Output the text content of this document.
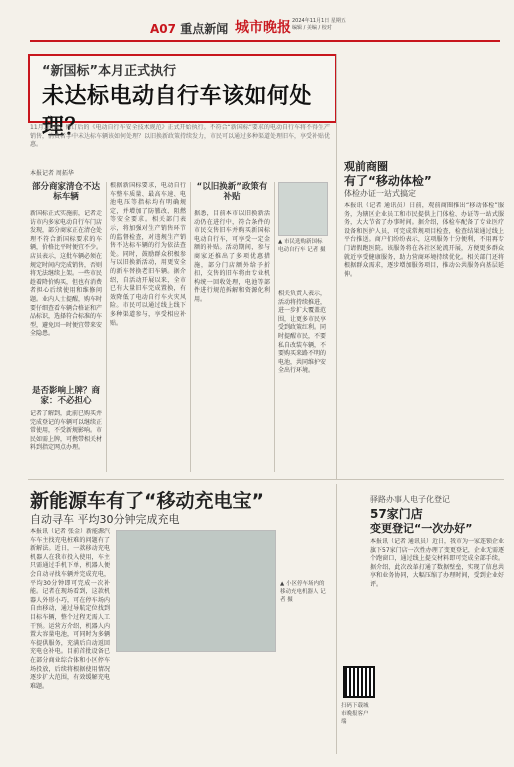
A07 重点新闻 城市晚报 2024年11月1日 星期五
编辑 / 美编 / 校对
“新国标”本月正式执行
未达标电动自行车该如何处理？
11月1日起，修订后的《电动自行车安全技术规范》正式开始执行。不符合“新国标”要求的电动自行车将不得生产销售，消费者手中未达标车辆该如何处理？以旧换新政策持续发力，市民可以通过多种渠道处理旧车，享受补贴优惠。
本报记者 周拓华
部分商家清仓不达标车辆
新国标正式实施前，记者走访市内多家电动自行车门店发现，部分商家正在清仓处理不符合新国标要求的车辆，价格比平时便宜不少。店员表示，这批车辆必须在规定时间内完成销售，否则将无法继续上架。一些市民趁着降价购买，但也有消费者担心后续使用和维修问题。业内人士提醒，购车时要仔细查看车辆合格证和产品标识，选择符合标准的车型，避免因一时便宜带来安全隐患。
是否影响上牌？商家：不必担心
记者了解到，此前已购买并完成登记的车辆可以继续正常使用，不受新规影响。市民如需上牌，可携带相关材料到指定网点办理。
根据新国标要求，电动自行车整车质量、最高车速、电池电压等指标均有明确规定，并增加了防篡改、阻燃等安全要求。相关部门表示，将加强对生产销售环节的监督检查，对违规生产销售不达标车辆的行为依法查处。同时，鼓励群众积极参与以旧换新活动，用更安全的新车替换老旧车辆。据介绍，自活动开展以来，全市已有大量旧车完成置换，有效降低了电动自行车火灾风险。市民可以通过线上线下多种渠道参与，享受相应补贴。
“以旧换新”政策有补贴
据悉，目前本市以旧换新活动仍在进行中，符合条件的市民交售旧车并购买新国标电动自行车，可享受一定金额的补贴。活动期间，参与商家还推出了多项优惠措施，部分门店额外给予折扣，交售的旧车将由专业机构统一回收处理，电池等部件进行规范拆解和资源化利用。
▲ 市民选购新国标电动自行车 记者 摄
相关负责人表示，活动将持续推进，进一步扩大覆盖范围，让更多市民享受到政策红利。同时提醒市民，不要私自改装车辆，不要购买来路不明的电池，共同维护安全出行环境。
观前商圈
有了“移动体检”
体检办证一站式搞定
本报讯（记者 通讯员）日前，观前商圈推出“移动体检”服务，为辖区企业员工和市民提供上门体检、办证等一站式服务，大大节省了办事时间。据介绍，体检车配备了专业医疗设备和医护人员，可完成常规项目检查，检查结果通过线上平台推送。商户们纷纷表示，这项服务十分便利，不用再专门请假跑医院。该服务将在各社区轮流开展，方便更多群众就近享受健康服务，助力营商环境持续优化。相关部门还将根据群众需求，逐步增加服务项目，推动公共服务向基层延伸。
新能源车有了“移动充电宝”
自动寻车 平均30分钟完成充电
本报讯（记者 张金）新能源汽车车主找充电桩难的问题有了新解法。近日，一款移动充电机器人在我市投入使用，车主只需通过手机下单，机器人便会自动寻找车辆并完成充电，平均30分钟即可完成一次补能。记者在现场看到，这款机器人外形小巧，可在停车场内自由移动，通过导航定位找到目标车辆，整个过程无需人工干预。运营方介绍，机器人内置大容量电池，可同时为多辆车提供服务，充满后自动返回充电仓补电。目前首批设备已在部分商业综合体和小区停车场投放，后续将根据使用情况逐步扩大范围，有效缓解充电难题。
▲ 小区停车场内的移动充电机器人 记者 摄
驿路办事人电子化登记
57家门店
变更登记“一次办好”
本报讯（记者 通讯员）近日，我市为一家连锁企业旗下57家门店一次性办理了变更登记，企业无需逐个跑窗口，通过线上提交材料即可完成全部手续。据介绍，此次改革打通了数据壁垒，实现了信息共享和业务协同，大幅压缩了办理时间，受到企业好评。
扫码下载城市晚报客户端
